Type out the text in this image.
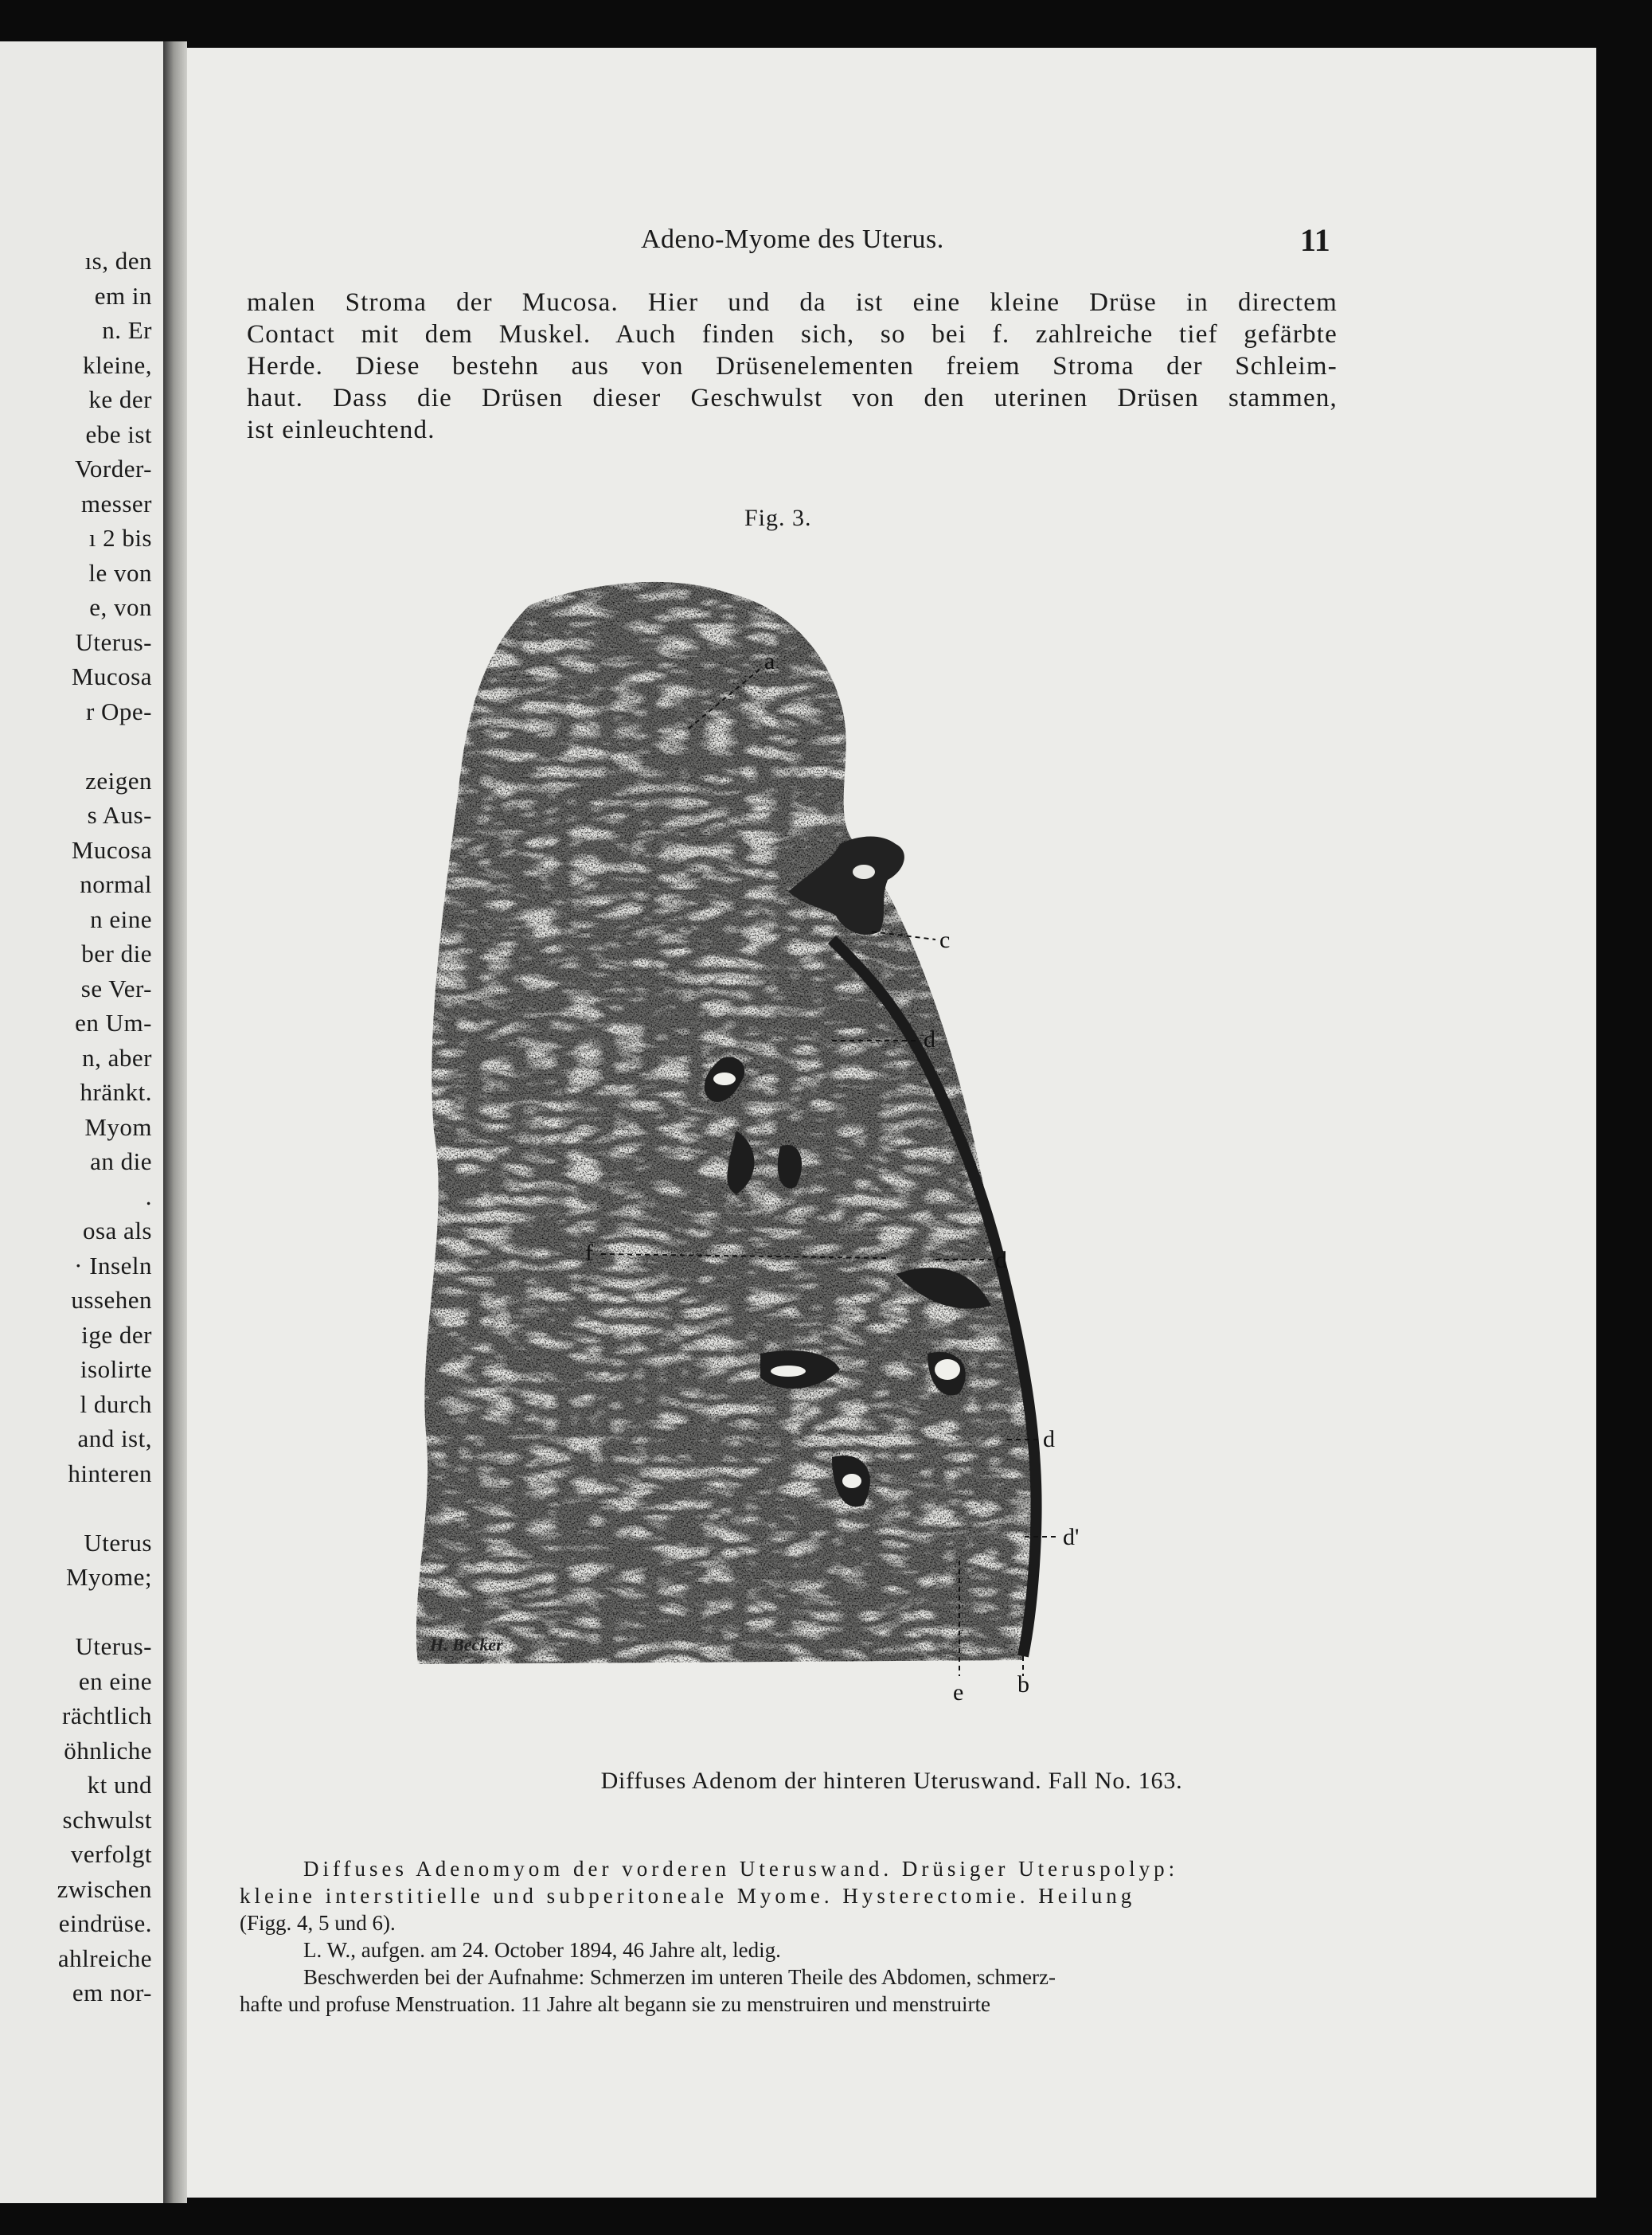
ıs, den
em in
n. Er
kleine,
ke der
ebe ist
Vorder-
messer
ı 2 bis
le von
e, von
Uterus-
Mucosa
r Ope-
zeigen
s Aus-
Mucosa
normal
n eine
ber die
se Ver-
en Um-
n, aber
hränkt.
Myom
an die
.
osa als
· Inseln
ussehen
ige der
isolirte
l durch
and ist,
hinteren
Uterus
Myome;
Uterus-
en eine
rächtlich
öhnliche
kt und
schwulst
verfolgt
zwischen
eindrüse.
ahlreiche
em nor-
Adeno-Myome des Uterus.	11
malen Stroma der Mucosa. Hier und da ist eine kleine Drüse in directem
Contact mit dem Muskel. Auch finden sich, so bei f. zahlreiche tief gefärbte
Herde. Diese bestehn aus von Drüsenelementen freiem Stroma der Schleim-
haut. Dass die Drüsen dieser Geschwulst von den uterinen Drüsen stammen,
ist einleuchtend.
Fig. 3.
a
c
d
f	d
d
d'
e b
H. Becker
Diffuses Adenom der hinteren Uteruswand. Fall No. 163.
Diffuses Adenomyom der vorderen Uteruswand. Drüsiger Uteruspolyp:
kleine interstitielle und subperitoneale Myome. Hysterectomie. Heilung
(Figg. 4, 5 und 6).
L. W., aufgen. am 24. October 1894, 46 Jahre alt, ledig.
Beschwerden bei der Aufnahme: Schmerzen im unteren Theile des Abdomen, schmerz-
hafte und profuse Menstruation. 11 Jahre alt begann sie zu menstruiren und menstruirte
